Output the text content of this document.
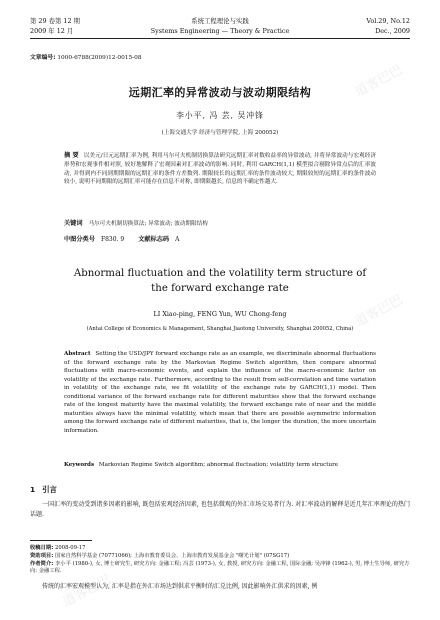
第 29 卷第 12 期	系统工程理论与实践	Vol.29, No.12
2009 年 12 月	Systems Engineering — Theory & Practice	Dec., 2009
文章编号: 1000-6788(2009)12-0015-08
远期汇率的异常波动与波动期限结构
李小平, 冯 芸, 吴冲锋
(上海交通大学 经济与管理学院, 上海 200052)
摘 要 以美元/日元远期汇率为例, 利用马尔可夫机制切换算法研究远期汇率对数收益率的异常波动, 并将异常波动与宏观经济形势和宏观事件相对照, 较好地解释了宏观因素对汇率波动的影响. 同时, 利用 GARCH(1,1) 模型拟合剔除异常点后的汇率波动, 并得到内不同到期期限的远期汇率的条件方差数列. 期限较长的远期汇率的条件波动较大, 期限较短的远期汇率的条件波动较小, 说明不同期限的远期汇率可能存在信息不对称, 即期限越长, 信息的不确定性越大.
关键词 马尔可夫机制切换算法; 异常波动; 波动期限结构
中图分类号 F830. 9 文献标志码 A
Abnormal fluctuation and the volatility term structure of
the forward exchange rate
LI Xiao-ping, FENG Yun, WU Chong-feng
(Antai College of Economics & Management, Shanghai Jiaotong University, Shanghai 200052, China)
Abstract Setting the USD/JPY forward exchange rate as an example, we discriminate abnormal fluctuations of the forward exchange rate by the Markovian Regime Switch algorithm, then compare abnormal fluctuations with macro-economic events, and explain the influence of the macro-economic factor on volatility of the exchange rate. Furthermore, according to the result from self-correlation and time variation in volatility of the exchange rate, we fit volatility of the exchange rate by GARCH(1,1) model. Then conditional variance of the forward exchange rate for different maturities show that the forward exchange rate of the longest maturity have the maximal volatility, the forward exchange rate of near and the middle maturities always have the minimal volatility, which mean that there are possible asymmetric information among the forward exchange rate of different maturities, that is, the longer the duration, the more uncertain information.
Keywords Markovian Regime Switch algorithm; abnormal fluctuation; volatility term structure
1 引言
一国汇率的变动受到诸多因素的影响, 既包括宏观经济因素, 也包括微观的外汇市场交易者行为. 对汇率波动的解释是近几年汇率理论的热门话题.
收稿日期: 2008-09-17
资助项目: 国家自然科学基金 (70771066); 上海市教育委员会、上海市教育发展基金会 "曙光计划" (07SG17)
作者简介: 李小平 (1980-), 女, 博士研究生, 研究方向: 金融工程; 冯芸 (1973-), 女, 教授, 研究方向: 金融工程, 国际金融; 吴冲锋 (1962-), 男, 博士生导师, 研究方向: 金融工程.
传统的汇率宏观模型认为, 汇率是指在外汇市场达到供求平衡时的汇兑比例, 因此影响外汇供求的因素, 例
道客巴巴
道客巴巴
道客巴巴
